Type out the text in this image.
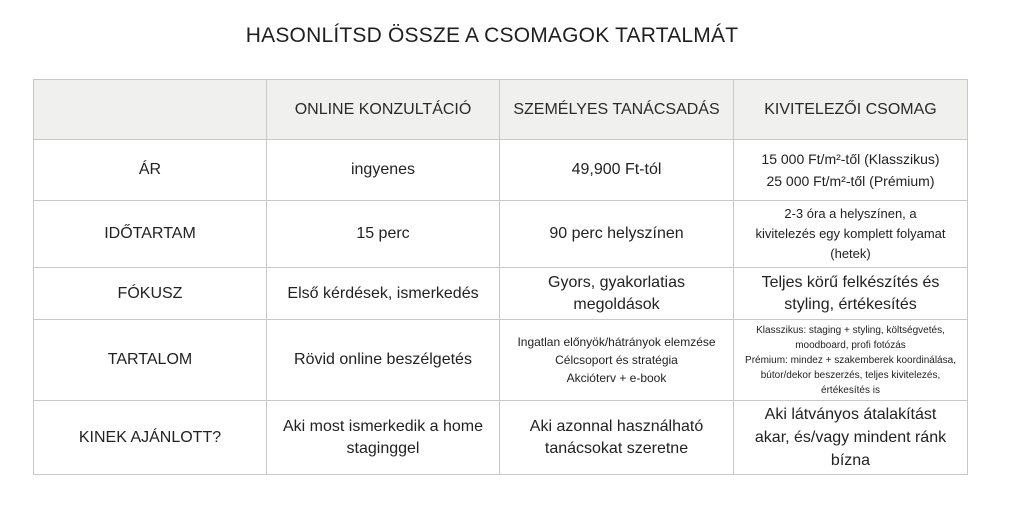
HASONLÍTSD ÖSSZE A CSOMAGOK TARTALMÁT
	ONLINE KONZULTÁCIÓ	SZEMÉLYES TANÁCSADÁS	KIVITELEZŐI CSOMAG
ÁR	ingyenes	49,900 Ft-tól	15 000 Ft/m²-től (Klasszikus)
25 000 Ft/m²-től (Prémium)

IDŐTARTAM	15 perc	90 perc helyszínen	2-3 óra a helyszínen, a
kivitelezés egy komplett folyamat
(hetek)

FÓKUSZ	Első kérdések, ismerkedés	Gyors, gyakorlatias
megoldások	Teljes körű felkészítés és
styling, értékesítés

TARTALOM	Rövid online beszélgetés	Ingatlan előnyök/hátrányok elemzése
Célcsoport és stratégia
Akcióterv + e-book	Klasszikus: staging + styling, költségvetés,
moodboard, profi fotózás
Prémium: mindez + szakemberek koordinálása,
bútor/dekor beszerzés, teljes kivitelezés,
értékesítés is

KINEK AJÁNLOTT?	Aki most ismerkedik a home
staginggel	Aki azonnal használható
tanácsokat szeretne	Aki látványos átalakítást
akar, és/vagy mindent ránk
bízna
